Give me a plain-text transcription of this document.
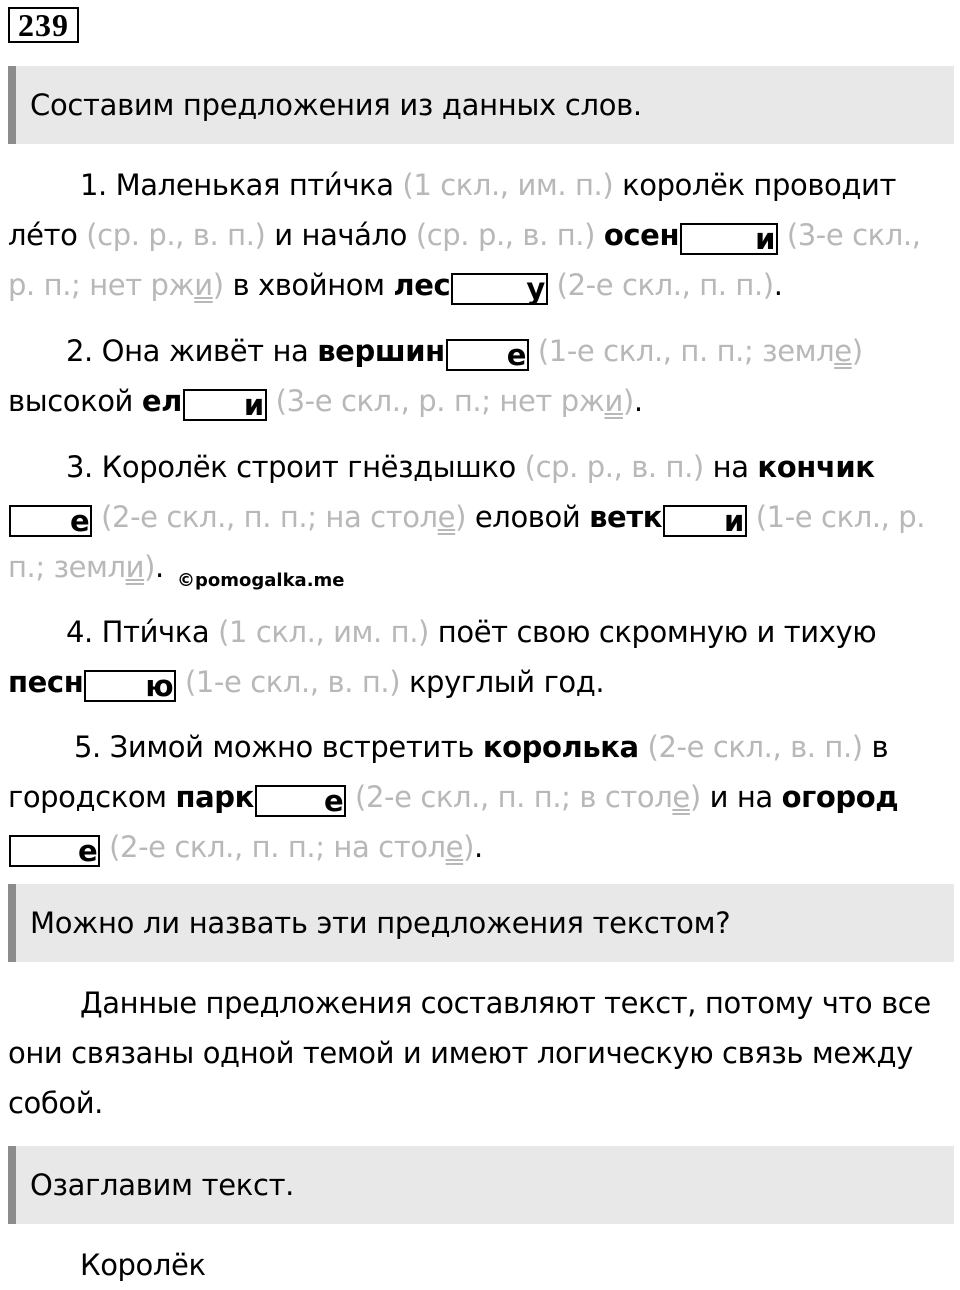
239
Составим предложения из данных слов.
1. Маленькая пти́чка (1 скл., им. п.) королёк проводит ле́то (ср. р., в. п.) и нача́ло (ср. р., в. п.) осен	и (3-е скл., р. п.; нет ржи) в хвойном лес	у (2-е скл., п. п.).
2. Она живёт на вершин е (1-е скл., п. п.; земле) высокой ел и (3-е скл., р. п.; нет ржи).
3. Королёк строит гнёздышко (ср. р., в. п.) на кончике (2-е скл., п. п.; на столе) еловой ветк и (1-е скл., р. п.; земли). ©pomogalka.me
4. Пти́чка (1 скл., им. п.) поёт свою скромную и тихую песн ю (1-е скл., в. п.) круглый год.
5. Зимой можно встретить королька (2-е скл., в. п.) в городском парк е (2-е скл., п. п.; в столе) и на огороде (2-е скл., п. п.; на столе).
Можно ли назвать эти предложения текстом?
Данные предложения составляют текст, потому что все они связаны одной темой и имеют логическую связь между собой.
Озаглавим текст.
Королёк
